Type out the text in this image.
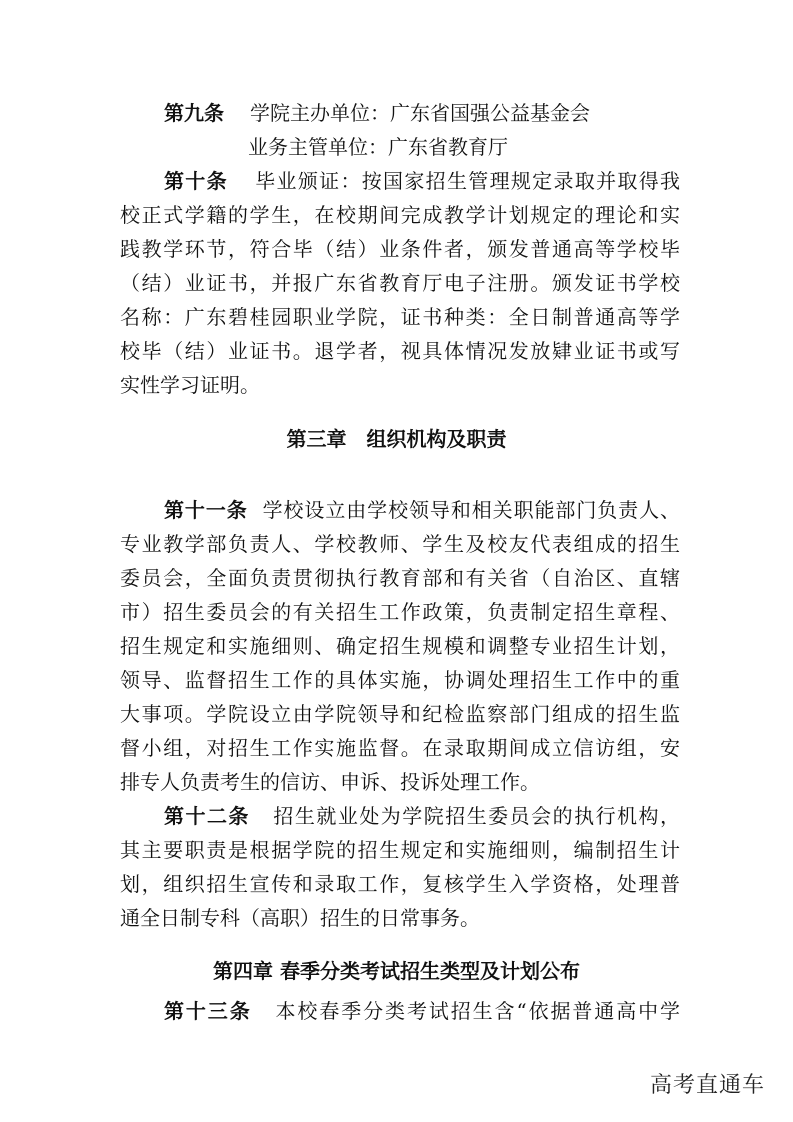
第九条 学院主办单位：广东省国强公益基金会
业务主管单位：广东省教育厅
第十条 毕业颁证：按国家招生管理规定录取并取得我
校正式学籍的学生，在校期间完成教学计划规定的理论和实
践教学环节，符合毕（结）业条件者，颁发普通高等学校毕
（结）业证书，并报广东省教育厅电子注册。颁发证书学校
名称：广东碧桂园职业学院，证书种类：全日制普通高等学
校毕（结）业证书。退学者，视具体情况发放肄业证书或写
实性学习证明。
第三章　组织机构及职责
第十一条 学校设立由学校领导和相关职能部门负责人、
专业教学部负责人、学校教师、学生及校友代表组成的招生
委员会，全面负责贯彻执行教育部和有关省（自治区、直辖
市）招生委员会的有关招生工作政策，负责制定招生章程、
招生规定和实施细则、确定招生规模和调整专业招生计划，
领导、监督招生工作的具体实施，协调处理招生工作中的重
大事项。学院设立由学院领导和纪检监察部门组成的招生监
督小组，对招生工作实施监督。在录取期间成立信访组，安
排专人负责考生的信访、申诉、投诉处理工作。
第十二条 招生就业处为学院招生委员会的执行机构，
其主要职责是根据学院的招生规定和实施细则，编制招生计
划，组织招生宣传和录取工作，复核学生入学资格，处理普
通全日制专科（高职）招生的日常事务。
第四章 春季分类考试招生类型及计划公布
第十三条 本校春季分类考试招生含“依据普通高中学
高考直通车
